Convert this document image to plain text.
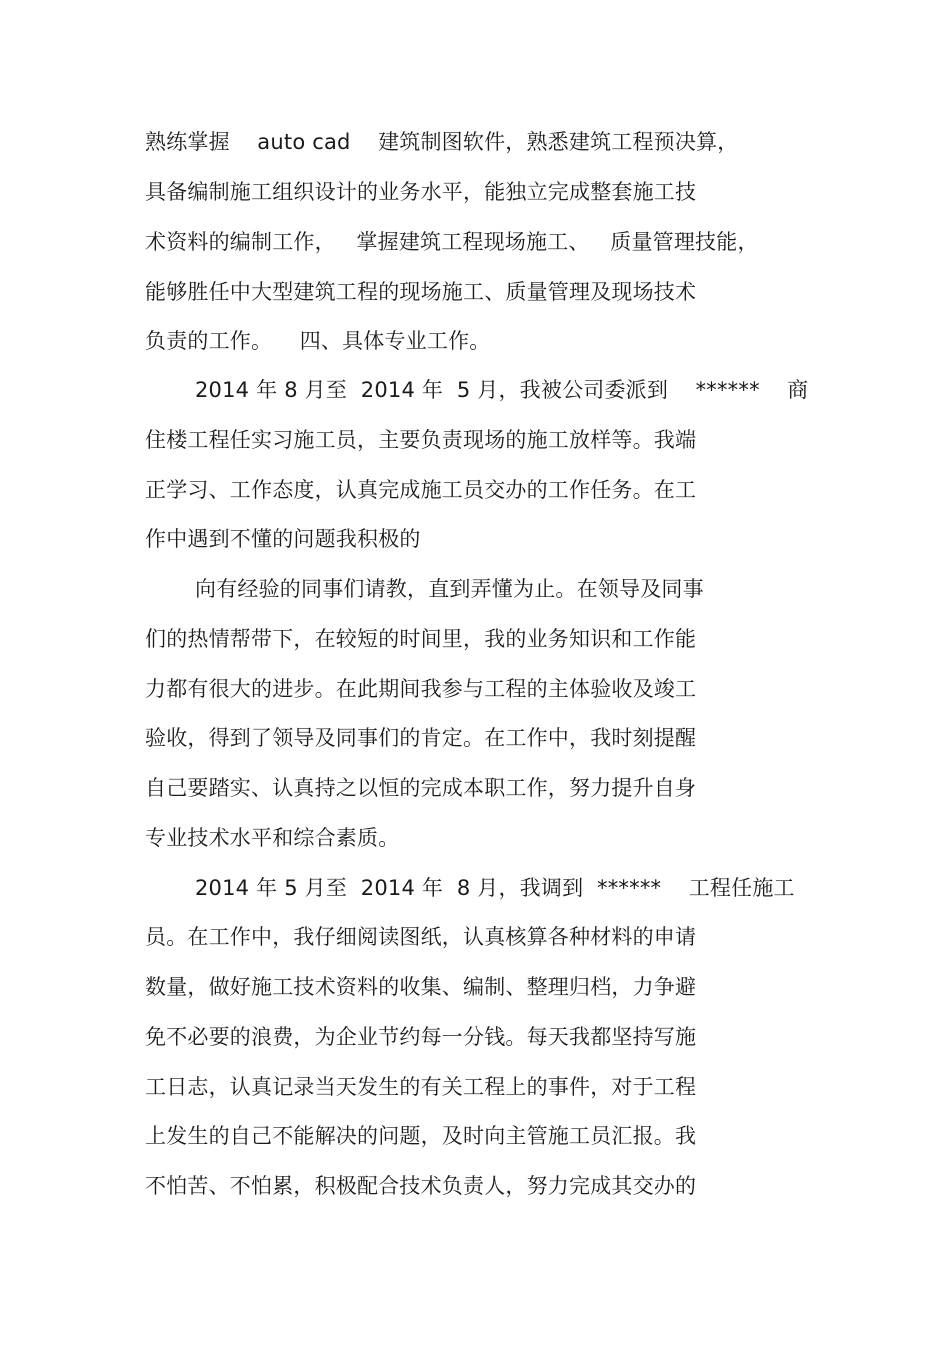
熟练掌握    auto cad    建筑制图软件，熟悉建筑工程预决算，
具备编制施工组织设计的业务水平，能独立完成整套施工技
术资料的编制工作，   掌握建筑工程现场施工、   质量管理技能，
能够胜任中大型建筑工程的现场施工、质量管理及现场技术
负责的工作。    四、具体专业工作。
2014 年 8 月至  2014 年  5 月，我被公司委派到    ******    商
住楼工程任实习施工员，主要负责现场的施工放样等。我端
正学习、工作态度，认真完成施工员交办的工作任务。在工
作中遇到不懂的问题我积极的
向有经验的同事们请教，直到弄懂为止。在领导及同事
们的热情帮带下，在较短的时间里，我的业务知识和工作能
力都有很大的进步。在此期间我参与工程的主体验收及竣工
验收，得到了领导及同事们的肯定。在工作中，我时刻提醒
自己要踏实、认真持之以恒的完成本职工作，努力提升自身
专业技术水平和综合素质。
2014 年 5 月至  2014 年  8 月，我调到  ******    工程任施工
员。在工作中，我仔细阅读图纸，认真核算各种材料的申请
数量，做好施工技术资料的收集、编制、整理归档，力争避
免不必要的浪费，为企业节约每一分钱。每天我都坚持写施
工日志，认真记录当天发生的有关工程上的事件，对于工程
上发生的自己不能解决的问题，及时向主管施工员汇报。我
不怕苦、不怕累，积极配合技术负责人，努力完成其交办的
